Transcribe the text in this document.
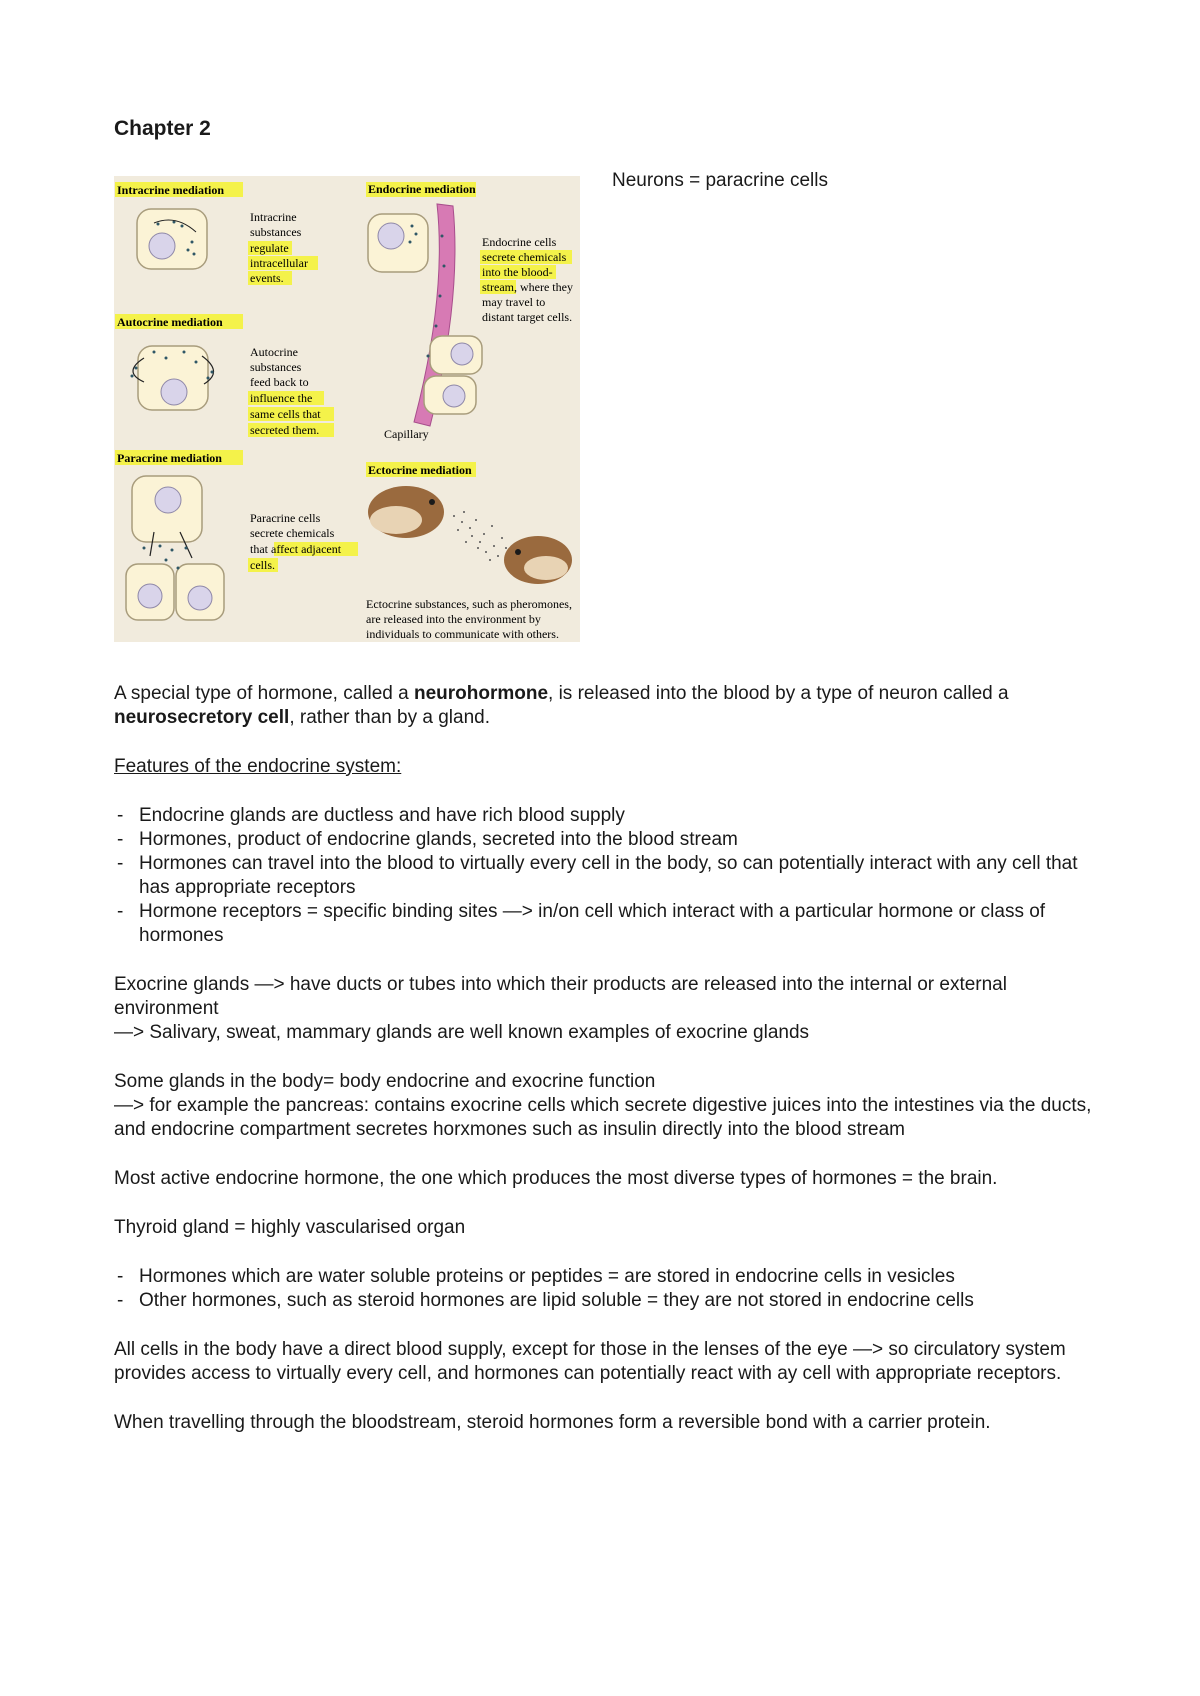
Chapter 2
Neurons = paracrine cells
Intracrine mediation
Intracrine
substances
regulate
intracellular
events.
Autocrine mediation
Autocrine
substances
feed back to
influence the
same cells that
secreted them.
Paracrine mediation
Paracrine cells
secrete chemicals
that affect adjacent
cells.
Endocrine mediation
Endocrine cells
secrete chemicals
into the blood-
stream, where they
may travel to
distant target cells.
Capillary
Ectocrine mediation
Ectocrine substances, such as pheromones,
are released into the environment by
individuals to communicate with others.

A special type of hormone, called a neurohormone, is released into the blood by a type of neuron called a neurosecretory cell, rather than by a gland.

Features of the endocrine system:

- Endocrine glands are ductless and have rich blood supply
- Hormones, product of endocrine glands, secreted into the blood stream
- Hormones can travel into the blood to virtually every cell in the body, so can potentially interact with any cell that has appropriate receptors
- Hormone receptors = specific binding sites —> in/on cell which interact with a particular hormone or class of hormones

Exocrine glands —> have ducts or tubes into which their products are released into the internal or external environment
—> Salivary, sweat, mammary glands are well known examples of exocrine glands

Some glands in the body= body endocrine and exocrine function
—> for example the pancreas: contains exocrine cells which secrete digestive juices into the intestines via the ducts, and endocrine compartment secretes horxmones such as insulin directly into the blood stream

Most active endocrine hormone, the one which produces the most diverse types of hormones = the brain.

Thyroid gland = highly vascularised organ

- Hormones which are water soluble proteins or peptides = are stored in endocrine cells in vesicles
- Other hormones, such as steroid hormones are lipid soluble = they are not stored in endocrine cells

All cells in the body have a direct blood supply, except for those in the lenses of the eye —> so circulatory system provides access to virtually every cell, and hormones can potentially react with ay cell with appropriate receptors.

When travelling through the bloodstream, steroid hormones form a reversible bond with a carrier protein.
